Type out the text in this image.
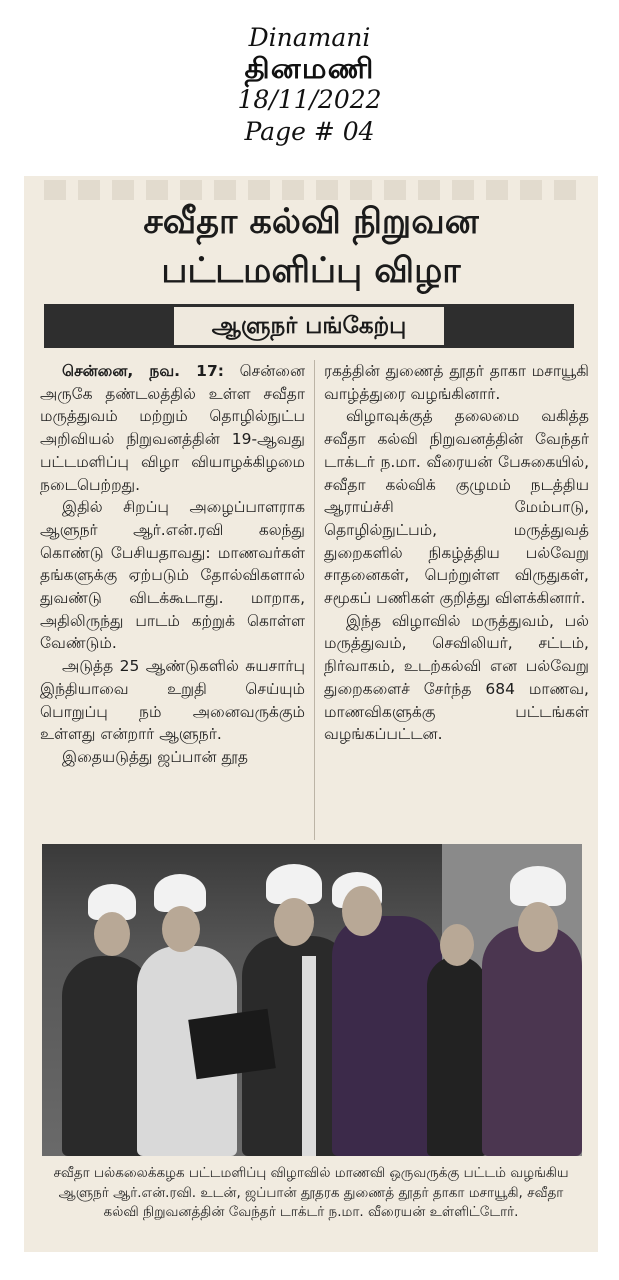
Dinamani
தினமணி
18/11/2022
Page # 04
சவீதா கல்வி நிறுவன
பட்டமளிப்பு விழா
ஆளுநர் பங்கேற்பு

சென்னை, நவ. 17: சென்னை அருகே தண்டலத்தில் உள்ள சவீதா மருத்துவம் மற்றும் தொழில்நுட்ப அறிவியல் நிறுவனத்தின் 19-ஆவது பட்டமளிப்பு விழா வியாழக்கிழமை நடைபெற்றது.

இதில் சிறப்பு அழைப்பாளராக ஆளுநர் ஆர்.என்.ரவி கலந்து கொண்டு பேசியதாவது: மாணவர்கள் தங்களுக்கு ஏற்படும் தோல்விகளால் துவண்டு விடக்கூடாது. மாறாக, அதிலிருந்து பாடம் கற்றுக் கொள்ள வேண்டும்.

அடுத்த 25 ஆண்டுகளில் சுயசார்பு இந்தியாவை உறுதி செய்யும் பொறுப்பு நம் அனைவருக்கும் உள்ளது என்றார் ஆளுநர்.

இதையடுத்து ஜப்பான் தூத

ரகத்தின் துணைத் தூதர் தாகா மசாயூகி வாழ்த்துரை வழங்கினார்.

விழாவுக்குத் தலைமை வகித்த சவீதா கல்வி நிறுவனத்தின் வேந்தர் டாக்டர் ந.மா. வீரையன் பேசுகையில், சவீதா கல்விக் குழுமம் நடத்திய ஆராய்ச்சி மேம்பாடு, தொழில்நுட்பம், மருத்துவத் துறைகளில் நிகழ்த்திய பல்வேறு சாதனைகள், பெற்றுள்ள விருதுகள், சமூகப் பணிகள் குறித்து விளக்கினார்.

இந்த விழாவில் மருத்துவம், பல் மருத்துவம், செவிலியர், சட்டம், நிர்வாகம், உடற்கல்வி என பல்வேறு துறைகளைச் சேர்ந்த 684 மாணவ, மாணவிகளுக்கு பட்டங்கள் வழங்கப்பட்டன.

சவீதா பல்கலைக்கழக பட்டமளிப்பு விழாவில் மாணவி ஒருவருக்கு பட்டம் வழங்கிய ஆளுநர் ஆர்.என்.ரவி. உடன், ஜப்பான் தூதரக துணைத் தூதர் தாகா மசாயூகி, சவீதா கல்வி நிறுவனத்தின் வேந்தர் டாக்டர் ந.மா. வீரையன் உள்ளிட்டோர்.
